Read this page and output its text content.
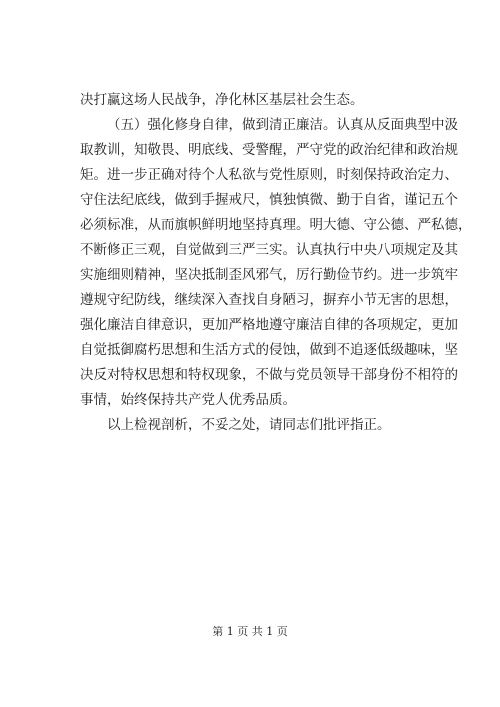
决打赢这场人民战争，净化林区基层社会生态。
（五）强化修身自律，做到清正廉洁。认真从反面典型中汲
取教训，知敬畏、明底线、受警醒，严守党的政治纪律和政治规
矩。进一步正确对待个人私欲与党性原则，时刻保持政治定力、
守住法纪底线，做到手握戒尺，慎独慎微、勤于自省，谨记五个
必须标准，从而旗帜鲜明地坚持真理。明大德、守公德、严私德，
不断修正三观，自觉做到三严三实。认真执行中央八项规定及其
实施细则精神，坚决抵制歪风邪气，厉行勤俭节约。进一步筑牢
遵规守纪防线，继续深入查找自身陋习，摒弃小节无害的思想，
强化廉洁自律意识，更加严格地遵守廉洁自律的各项规定，更加
自觉抵御腐朽思想和生活方式的侵蚀，做到不追逐低级趣味，坚
决反对特权思想和特权现象，不做与党员领导干部身份不相符的
事情，始终保持共产党人优秀品质。
以上检视剖析，不妥之处，请同志们批评指正。
第 1 页 共 1 页
